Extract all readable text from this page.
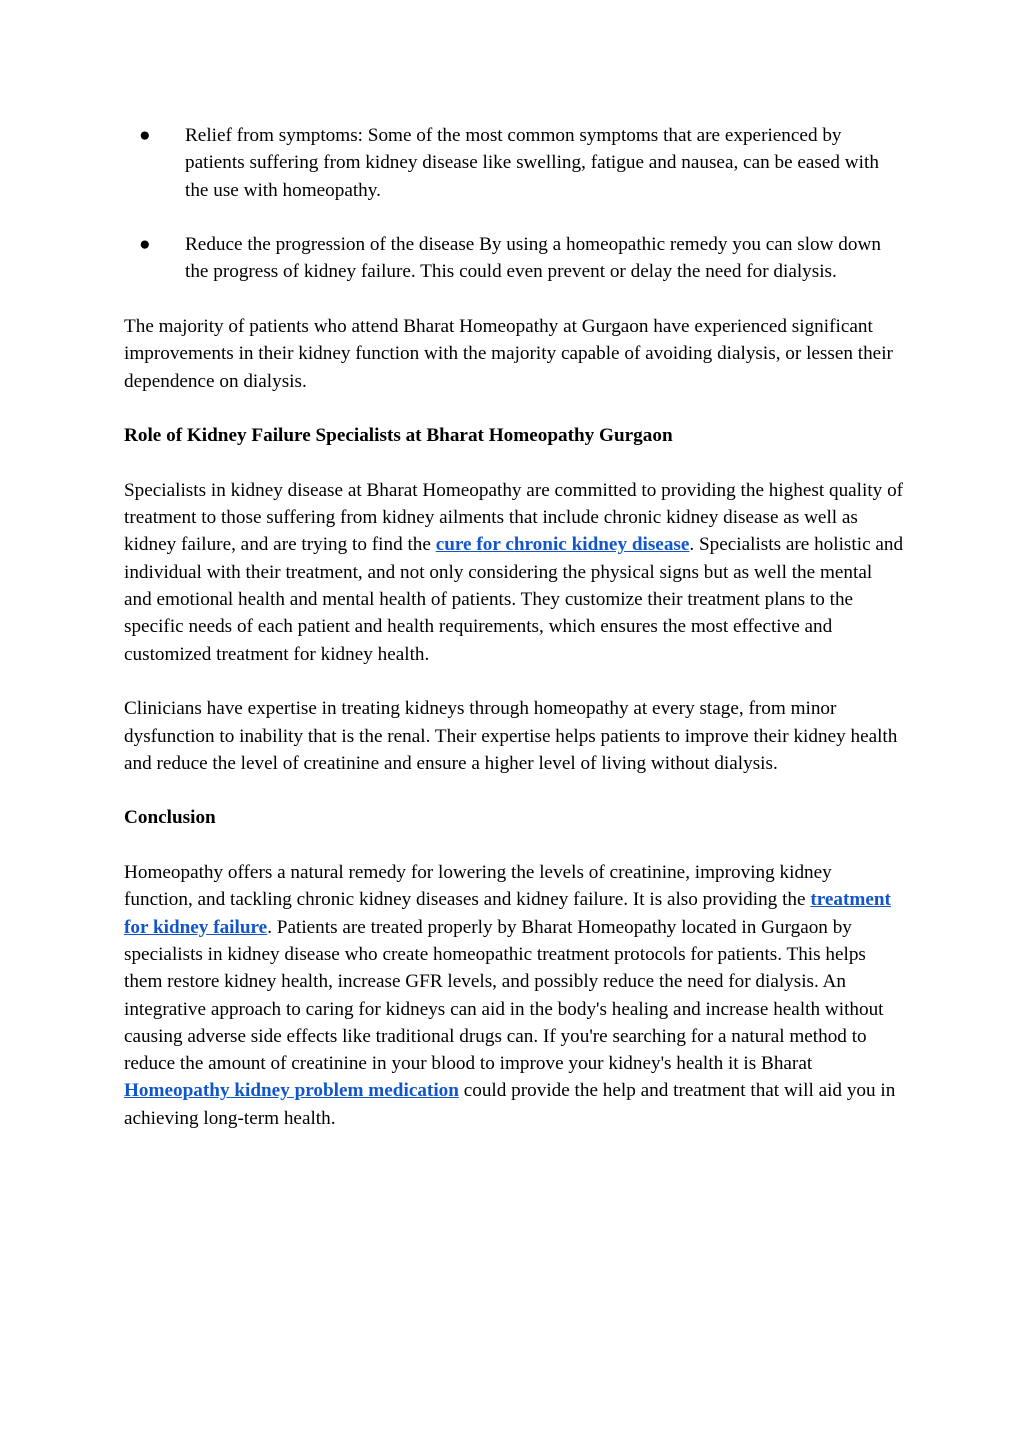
● Relief from symptoms: Some of the most common symptoms that are experienced by patients suffering from kidney disease like swelling, fatigue and nausea, can be eased with the use with homeopathy.
● Reduce the progression of the disease By using a homeopathic remedy you can slow down the progress of kidney failure. This could even prevent or delay the need for dialysis.

The majority of patients who attend Bharat Homeopathy at Gurgaon have experienced significant improvements in their kidney function with the majority capable of avoiding dialysis, or lessen their dependence on dialysis.

Role of Kidney Failure Specialists at Bharat Homeopathy Gurgaon

Specialists in kidney disease at Bharat Homeopathy are committed to providing the highest quality of treatment to those suffering from kidney ailments that include chronic kidney disease as well as kidney failure, and are trying to find the cure for chronic kidney disease. Specialists are holistic and individual with their treatment, and not only considering the physical signs but as well the mental and emotional health and mental health of patients. They customize their treatment plans to the specific needs of each patient and health requirements, which ensures the most effective and customized treatment for kidney health.

Clinicians have expertise in treating kidneys through homeopathy at every stage, from minor dysfunction to inability that is the renal. Their expertise helps patients to improve their kidney health and reduce the level of creatinine and ensure a higher level of living without dialysis.

Conclusion

Homeopathy offers a natural remedy for lowering the levels of creatinine, improving kidney function, and tackling chronic kidney diseases and kidney failure. It is also providing the treatment for kidney failure. Patients are treated properly by Bharat Homeopathy located in Gurgaon by specialists in kidney disease who create homeopathic treatment protocols for patients. This helps them restore kidney health, increase GFR levels, and possibly reduce the need for dialysis. An integrative approach to caring for kidneys can aid in the body's healing and increase health without causing adverse side effects like traditional drugs can. If you're searching for a natural method to reduce the amount of creatinine in your blood to improve your kidney's health it is Bharat Homeopathy kidney problem medication could provide the help and treatment that will aid you in achieving long-term health.
